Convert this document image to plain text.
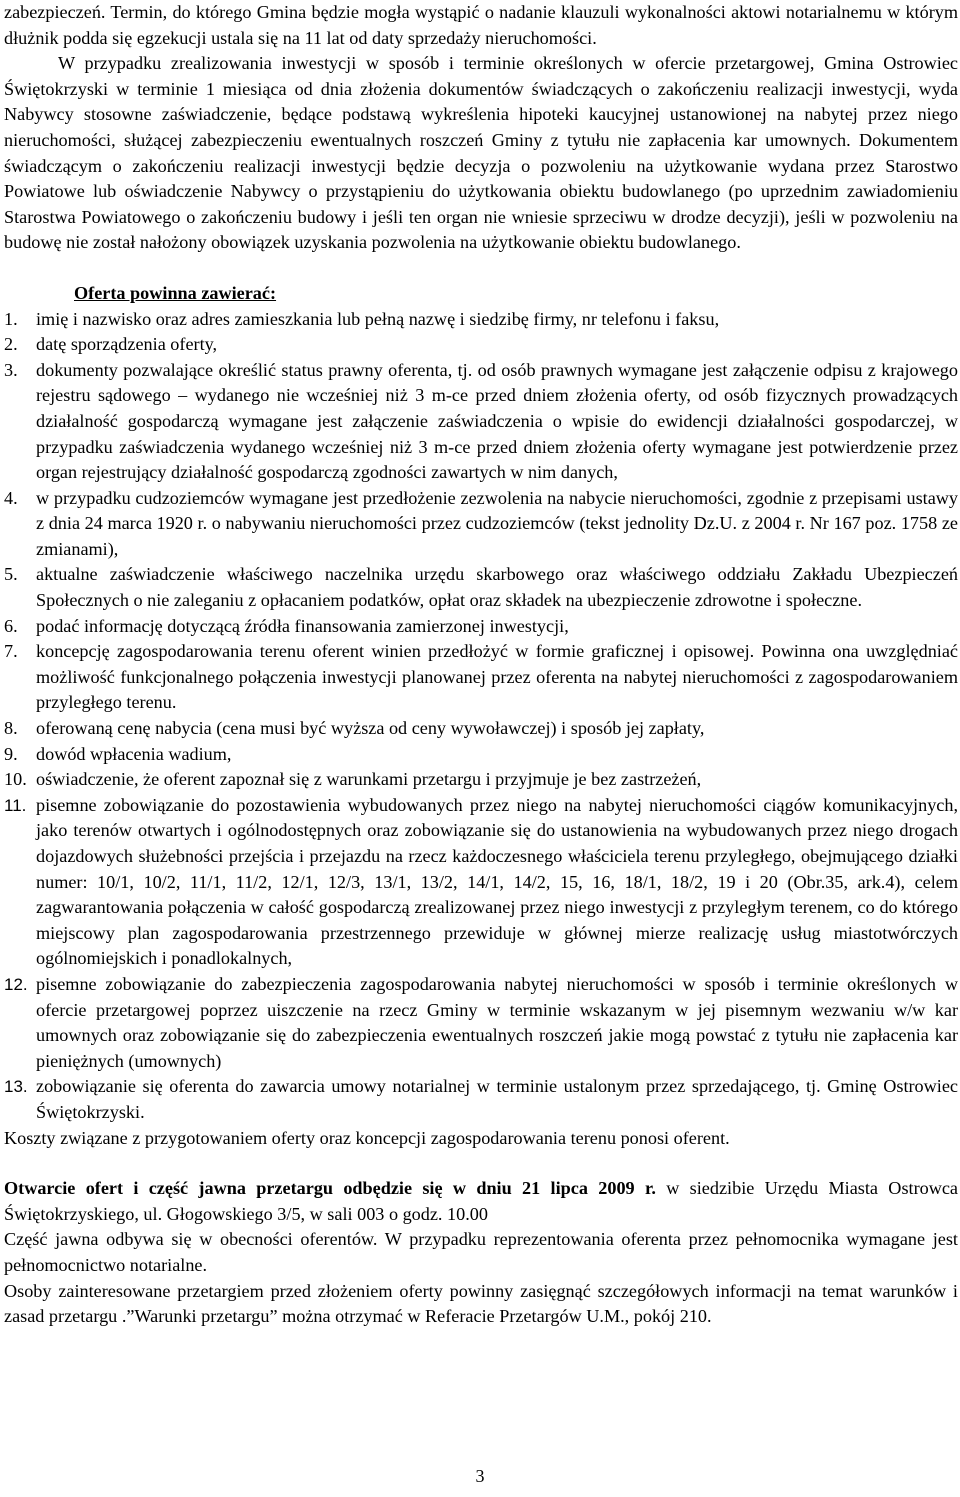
zabezpieczeń. Termin, do którego Gmina będzie mogła wystąpić o nadanie klauzuli wykonalności aktowi notarialnemu w którym dłużnik podda się egzekucji ustala się na 11 lat od daty sprzedaży nieruchomości.

W przypadku zrealizowania inwestycji w sposób i terminie określonych w ofercie przetargowej, Gmina Ostrowiec Świętokrzyski w terminie 1 miesiąca od dnia złożenia dokumentów świadczących o zakończeniu realizacji inwestycji, wyda Nabywcy stosowne zaświadczenie, będące podstawą wykreślenia hipoteki kaucyjnej ustanowionej na nabytej przez niego nieruchomości, służącej zabezpieczeniu ewentualnych roszczeń Gminy z tytułu nie zapłacenia kar umownych. Dokumentem świadczącym o zakończeniu realizacji inwestycji będzie decyzja o pozwoleniu na użytkowanie wydana przez Starostwo Powiatowe lub oświadczenie Nabywcy o przystąpieniu do użytkowania obiektu budowlanego (po uprzednim zawiadomieniu Starostwa Powiatowego o zakończeniu budowy i jeśli ten organ nie wniesie sprzeciwu w drodze decyzji), jeśli w pozwoleniu na budowę nie został nałożony obowiązek uzyskania pozwolenia na użytkowanie obiektu budowlanego.

Oferta powinna zawierać:
1.	imię i nazwisko oraz adres zamieszkania lub pełną nazwę i siedzibę firmy, nr telefonu i faksu,
2.	datę sporządzenia oferty,
3.	dokumenty pozwalające określić status prawny oferenta, tj. od osób prawnych wymagane jest załączenie odpisu z krajowego rejestru sądowego – wydanego nie wcześniej niż 3 m-ce przed dniem złożenia oferty, od osób fizycznych prowadzących działalność gospodarczą wymagane jest załączenie zaświadczenia o wpisie do ewidencji działalności gospodarczej, w przypadku zaświadczenia wydanego wcześniej niż 3 m-ce przed dniem złożenia oferty wymagane jest potwierdzenie przez organ rejestrujący działalność gospodarczą zgodności zawartych w nim danych,
4.	w przypadku cudzoziemców wymagane jest przedłożenie zezwolenia na nabycie nieruchomości, zgodnie z przepisami ustawy z dnia 24 marca 1920 r. o nabywaniu nieruchomości przez cudzoziemców (tekst jednolity Dz.U. z 2004 r. Nr 167 poz. 1758 ze zmianami),
5.	aktualne zaświadczenie właściwego naczelnika urzędu skarbowego oraz właściwego oddziału Zakładu Ubezpieczeń Społecznych o nie zaleganiu z opłacaniem podatków, opłat oraz składek na ubezpieczenie zdrowotne i społeczne.
6.	podać informację dotyczącą źródła finansowania zamierzonej inwestycji,
7.	koncepcję zagospodarowania terenu oferent winien przedłożyć w formie graficznej i opisowej. Powinna ona uwzględniać możliwość funkcjonalnego połączenia inwestycji planowanej przez oferenta na nabytej nieruchomości z zagospodarowaniem przyległego terenu.
8.	oferowaną cenę nabycia (cena musi być wyższa od ceny wywoławczej) i sposób jej zapłaty,
9.	dowód wpłacenia wadium,
10. oświadczenie, że oferent zapoznał się z warunkami przetargu i przyjmuje je bez zastrzeżeń,
11. pisemne zobowiązanie do pozostawienia wybudowanych przez niego na nabytej nieruchomości ciągów komunikacyjnych, jako terenów otwartych i ogólnodostępnych oraz zobowiązanie się do ustanowienia na wybudowanych przez niego drogach dojazdowych służebności przejścia i przejazdu na rzecz każdoczesnego właściciela terenu przyległego, obejmującego działki numer: 10/1, 10/2, 11/1, 11/2, 12/1, 12/3, 13/1, 13/2, 14/1, 14/2, 15, 16, 18/1, 18/2, 19 i 20 (Obr.35, ark.4), celem zagwarantowania połączenia w całość gospodarczą zrealizowanej przez niego inwestycji z przyległym terenem, co do którego miejscowy plan zagospodarowania przestrzennego przewiduje w głównej mierze realizację usług miastotwórczych ogólnomiejskich i ponadlokalnych,
12. pisemne zobowiązanie do zabezpieczenia zagospodarowania nabytej nieruchomości w sposób i terminie określonych w ofercie przetargowej poprzez uiszczenie na rzecz Gminy w terminie wskazanym w jej pisemnym wezwaniu w/w kar umownych oraz zobowiązanie się do zabezpieczenia ewentualnych roszczeń jakie mogą powstać z tytułu nie zapłacenia kar pieniężnych (umownych)
13. zobowiązanie się oferenta do zawarcia umowy notarialnej w terminie ustalonym przez sprzedającego, tj. Gminę Ostrowiec Świętokrzyski.

Koszty związane z przygotowaniem oferty oraz koncepcji zagospodarowania terenu ponosi oferent.

Otwarcie ofert i część jawna przetargu odbędzie się w dniu 21 lipca 2009 r. w siedzibie Urzędu Miasta Ostrowca Świętokrzyskiego, ul. Głogowskiego 3/5, w sali 003 o godz. 10.00

Część jawna odbywa się w obecności oferentów. W przypadku reprezentowania oferenta przez pełnomocnika wymagane jest pełnomocnictwo notarialne.

Osoby zainteresowane przetargiem przed złożeniem oferty powinny zasięgnąć szczegółowych informacji na temat warunków i zasad przetargu .”Warunki przetargu” można otrzymać w Referacie Przetargów U.M., pokój 210.

3
